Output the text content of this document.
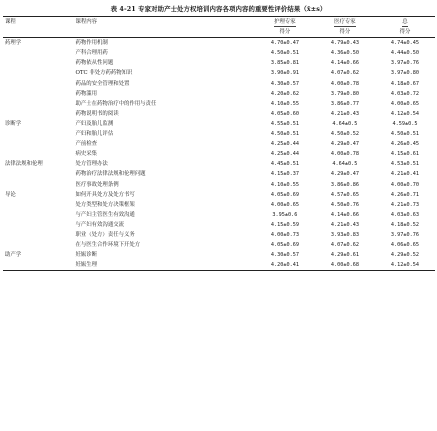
表 4-21 专家对助产士处方权培训内容各项内容的重要性评价结果（x̄±s）
课程	课程内容	护理专家	医疗专家	总
		得分	得分	得分
药理学	药物作用机制	4.70±0.47	4.79±0.43	4.74±0.45
	产科合理用药	4.50±0.51	4.36±0.50	4.44±0.50
	药物依从性问题	3.85±0.81	4.14±0.66	3.97±0.76
	OTC 非处方药药物知识	3.90±0.91	4.07±0.62	3.97±0.80
	药品的安全管理和处置	4.30±0.57	4.00±0.78	4.18±0.67
	药物滥用	4.20±0.62	3.79±0.80	4.03±0.72
	助产士在药物治疗中的作用与责任	4.10±0.55	3.86±0.77	4.00±0.65
	药物说明书的阅读	4.05±0.60	4.21±0.43	4.12±0.54
诊断学	产妇及胎儿监测	4.55±0.51	4.64±0.5	4.59±0.5
	产妇和胎儿评估	4.50±0.51	4.50±0.52	4.50±0.51
	产前检查	4.25±0.44	4.29±0.47	4.26±0.45
	病史采集	4.25±0.44	4.00±0.78	4.15±0.61
法律法规和伦理	处方管理办法	4.45±0.51	4.64±0.5	4.53±0.51
	药物治疗法律法规和伦理问题	4.15±0.37	4.29±0.47	4.21±0.41
	医疗事故处理条例	4.10±0.55	3.86±0.86	4.00±0.70
导论	如何开具处方及处方书写	4.05±0.69	4.57±0.65	4.26±0.71
	处方类型和处方决策框架	4.00±0.65	4.50±0.76	4.21±0.73
	与产妇主管医生有效沟通	3.95±0.6	4.14±0.66	4.03±0.63
	与产妇有效沟通交流	4.15±0.59	4.21±0.43	4.18±0.52
	职业（处方）责任与义务	4.00±0.73	3.93±0.83	3.97±0.76
	在与医生合作环境下开处方	4.05±0.69	4.07±0.62	4.06±0.65
助产学	妊娠诊断	4.30±0.57	4.29±0.61	4.29±0.52
	妊娠生理	4.20±0.41	4.00±0.68	4.12±0.54
